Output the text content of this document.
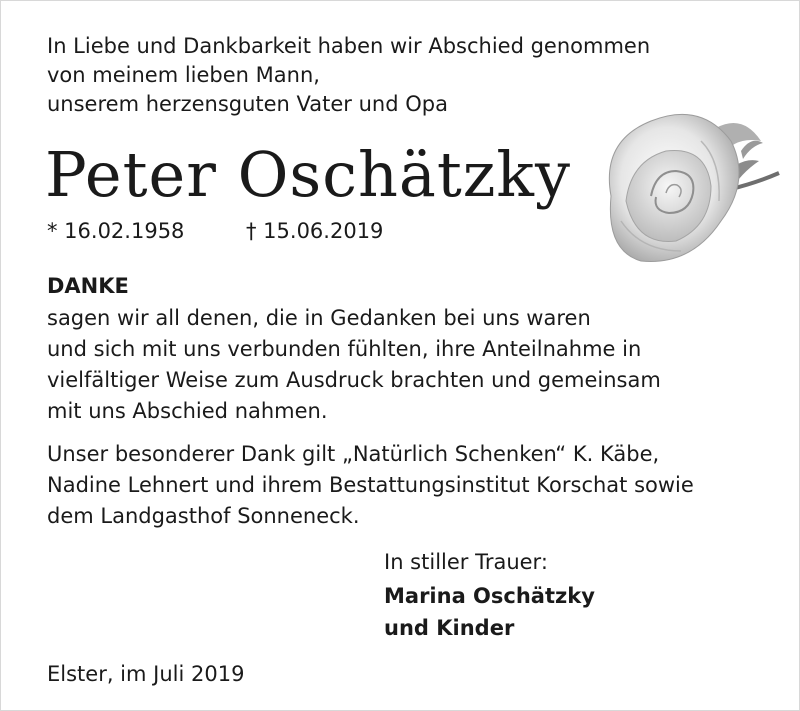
In Liebe und Dankbarkeit haben wir Abschied genommen
von meinem lieben Mann,
unserem herzensguten Vater und Opa
Peter Oschätzky
* 16.02.1958	† 15.06.2019
DANKE
sagen wir all denen, die in Gedanken bei uns waren
und sich mit uns verbunden fühlten, ihre Anteilnahme in
vielfältiger Weise zum Ausdruck brachten und gemeinsam
mit uns Abschied nahmen.
Unser besonderer Dank gilt „Natürlich Schenken“ K. Käbe,
Nadine Lehnert und ihrem Bestattungsinstitut Korschat sowie
dem Landgasthof Sonneneck.
In stiller Trauer:
Marina Oschätzky
und Kinder
Elster, im Juli 2019
